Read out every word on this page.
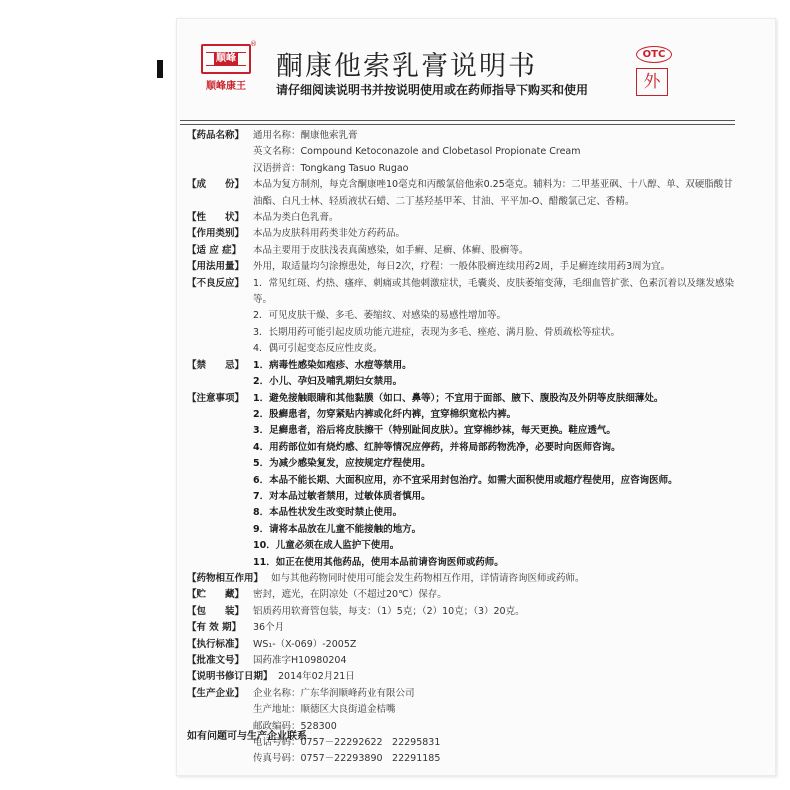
顺峰
®
顺峰康王
酮康他索乳膏说明书
请仔细阅读说明书并按说明使用或在药师指导下购买和使用
OTC
外
【药品名称】 通用名称：酮康他索乳膏
英文名称：Compound Ketoconazole and Clobetasol Propionate Cream
汉语拼音：Tongkang Tasuo Rugao
【成　　份】 本品为复方制剂，每克含酮康唑10毫克和丙酸氯倍他索0.25毫克。辅料为：二甲基亚砜、十八醇、单、双硬脂酸甘油酯、白凡士林、轻质液状石蜡、二丁基羟基甲苯、甘油、平平加-O、醋酸氯己定、香精。
【性　　状】 本品为类白色乳膏。
【作用类别】 本品为皮肤科用药类非处方药药品。
【适 应 症】	本品主要用于皮肤浅表真菌感染，如手癣、足癣、体癣、股癣等。
【用法用量】 外用，取适量均匀涂擦患处，每日2次，疗程：一般体股癣连续用药2周，手足癣连续用药3周为宜。
【不良反应】 1．常见红斑、灼热、瘙痒、刺痛或其他刺激症状，毛囊炎、皮肤萎缩变薄，毛细血管扩张、色素沉着以及继发感染等。
2．可见皮肤干燥、多毛、萎缩纹、对感染的易感性增加等。
3．长期用药可能引起皮质功能亢进症，表现为多毛、痤疮、满月脸、骨质疏松等症状。
4．偶可引起变态反应性皮炎。
【禁　　忌】 1．病毒性感染如疱疹、水痘等禁用。
2．小儿、孕妇及哺乳期妇女禁用。
【注意事项】 1．避免接触眼睛和其他黏膜（如口、鼻等）；不宜用于面部、腋下、腹股沟及外阴等皮肤细薄处。
2．股癣患者，勿穿紧贴内裤或化纤内裤，宜穿棉织宽松内裤。
3．足癣患者，浴后将皮肤擦干（特别趾间皮肤）。宜穿棉纱袜，每天更换。鞋应透气。
4．用药部位如有烧灼感、红肿等情况应停药，并将局部药物洗净，必要时向医师咨询。
5．为减少感染复发，应按规定疗程使用。
6．本品不能长期、大面积应用，亦不宜采用封包治疗。如需大面积使用或超疗程使用，应咨询医师。
7．对本品过敏者禁用，过敏体质者慎用。
8．本品性状发生改变时禁止使用。
9．请将本品放在儿童不能接触的地方。
10．儿童必须在成人监护下使用。
11．如正在使用其他药品，使用本品前请咨询医师或药师。
【药物相互作用】 如与其他药物同时使用可能会发生药物相互作用，详情请咨询医师或药师。
【贮　　藏】 密封，遮光，在阴凉处（不超过20℃）保存。
【包　　装】 铝质药用软膏管包装，每支：（1）5克；（2）10克；（3）20克。
【有 效 期】	36个月
【执行标准】 WS₁-（X-069）-2005Z
【批准文号】 国药准字H10980204
【说明书修订日期】 2014年02月21日
【生产企业】 企业名称：广东华润顺峰药业有限公司
生产地址：顺德区大良街道金桔嘴
邮政编码：528300
电话号码：0757－22292622　22295831
传真号码：0757－22293890　22291185
如有问题可与生产企业联系
